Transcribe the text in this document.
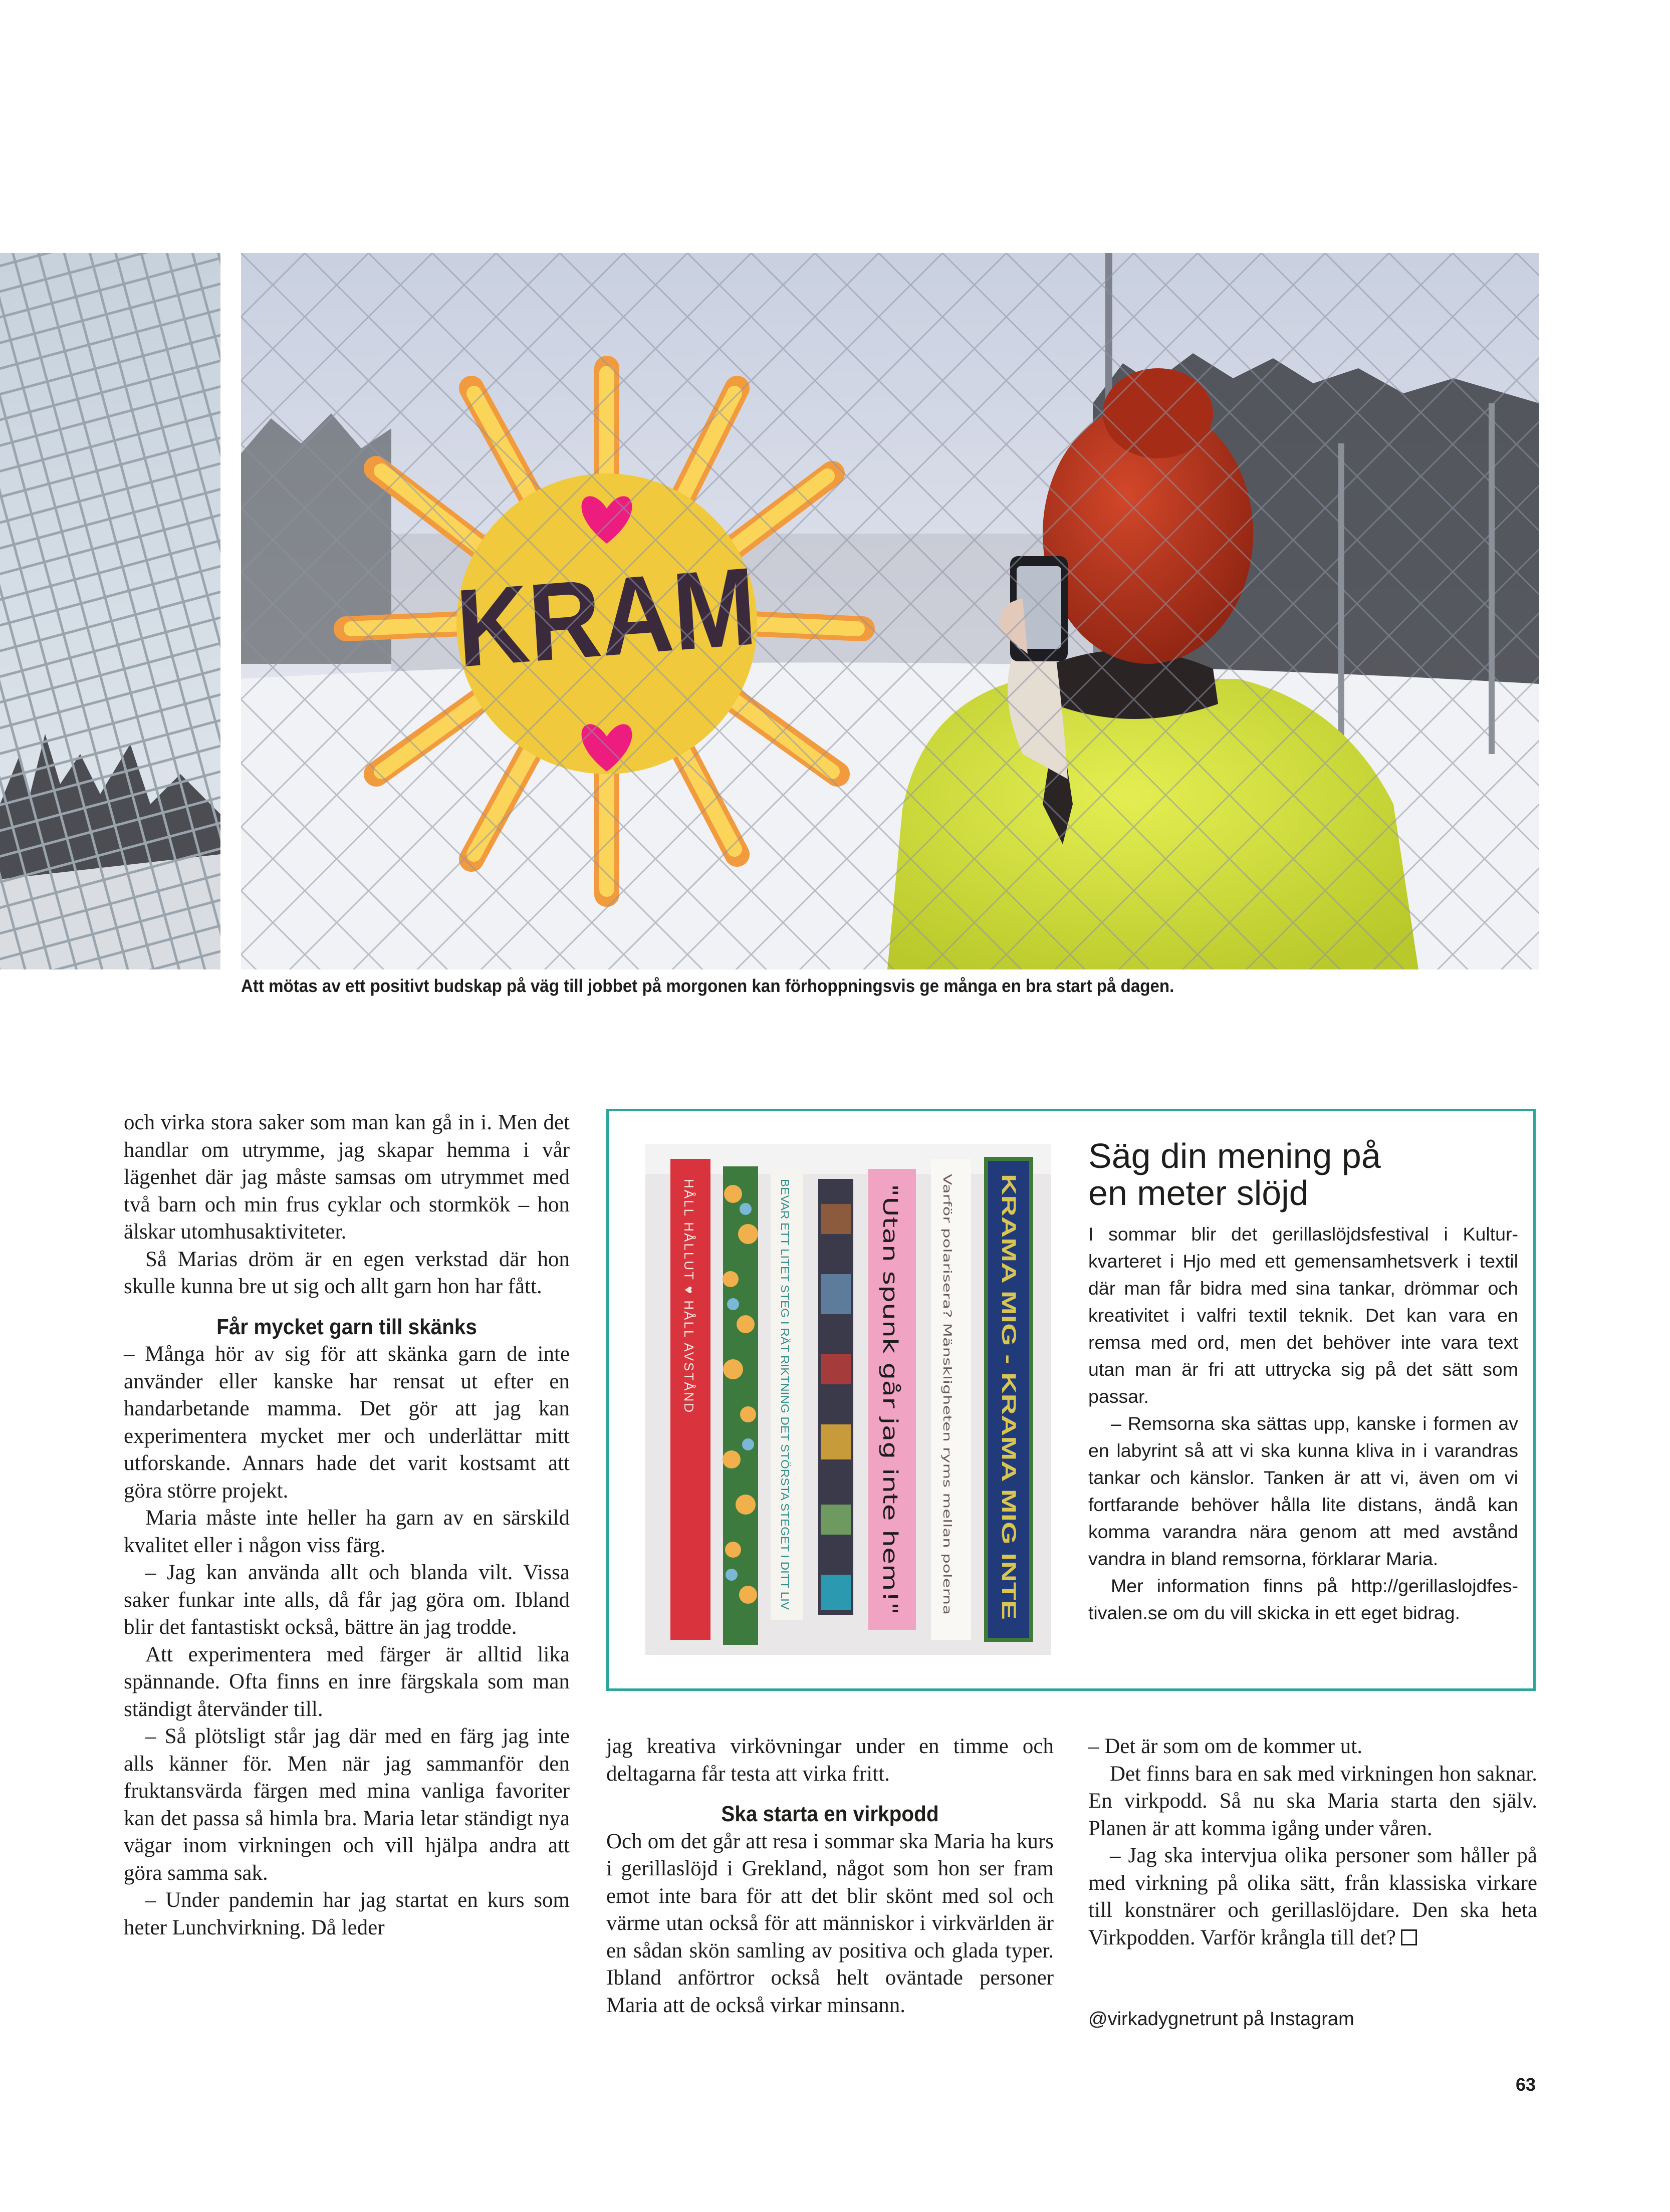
Att mötas av ett positivt budskap på väg till jobbet på morgonen kan förhoppningsvis ge många en bra start på dagen.

och virka stora saker som man kan gå in i. Men det handlar om utrymme, jag skapar hemma i vår lägenhet där jag måste samsas om utrymmet med två barn och min frus cyklar och stormkök – hon älskar utomhusaktiviteter.

Så Marias dröm är en egen verkstad där hon skulle kunna bre ut sig och allt garn hon har fått.

Får mycket garn till skänks

– Många hör av sig för att skänka garn de inte använder eller kanske har rensat ut efter en handarbetande mamma. Det gör att jag kan experimentera mycket mer och underlättar mitt utforskande. Annars hade det varit kostsamt att göra större projekt.

Maria måste inte heller ha garn av en särskild kvalitet eller i någon viss färg.

– Jag kan använda allt och blanda vilt. Vissa saker funkar inte alls, då får jag göra om. Ibland blir det fantastiskt också, bättre än jag trodde.

Att experimentera med färger är alltid lika spännande. Ofta finns en inre färgskala som man ständigt återvänder till.

– Så plötsligt står jag där med en färg jag inte alls känner för. Men när jag sammanför den fruktansvärda färgen med mina vanliga favoriter kan det passa så himla bra. Maria letar ständigt nya vägar inom virkningen och vill hjälpa andra att göra samma sak.

– Under pandemin har jag startat en kurs som heter Lunchvirkning. Då leder

HÅLL HÅLLUT ♥ HÅLL AVSTÅND	BEVAR ETT LITET STEG I RÄT RIKTNING DET STÖRSTA STEGET I DITT LIV	"Utan spunk går jag inte hem!"	Varför polarisera? Mänskligheten ryms mellan polerna KRAMA MIG - KRAMA MIG INTE
Säg din mening på
en meter slöjd

I sommar blir det gerillaslöjdsfestival i Kulturkvarteret i Hjo med ett gemensamhetsverk i textil där man får bidra med sina tankar, drömmar och kreativitet i valfri textil teknik. Det kan vara en remsa med ord, men det behöver inte vara text utan man är fri att uttrycka sig på det sätt som passar.

– Remsorna ska sättas upp, kanske i formen av en labyrint så att vi ska kunna kliva in i varandras tankar och känslor. Tanken är att vi, även om vi fortfarande behöver hålla lite distans, ändå kan komma varandra nära genom att med avstånd vandra in bland remsorna, förklarar Maria.

Mer information finns på http://gerillaslojdfestivalen.se om du vill skicka in ett eget bidrag.

jag kreativa virkövningar under en timme och deltagarna får testa att virka fritt.

Ska starta en virkpodd

Och om det går att resa i sommar ska Maria ha kurs i gerillaslöjd i Grekland, något som hon ser fram emot inte bara för att det blir skönt med sol och värme utan också för att människor i virkvärlden är en sådan skön samling av positiva och glada typer. Ibland anförtror också helt oväntade personer Maria att de också virkar minsann.

– Det är som om de kommer ut.

Det finns bara en sak med virkningen hon saknar. En virkpodd. Så nu ska Maria starta den själv. Planen är att komma igång under våren.

– Jag ska intervjua olika personer som håller på med virkning på olika sätt, från klassiska virkare till konstnärer och gerillaslöjdare. Den ska heta Virkpodden. Varför krångla till det?

@virkadygnetrunt på Instagram
63
